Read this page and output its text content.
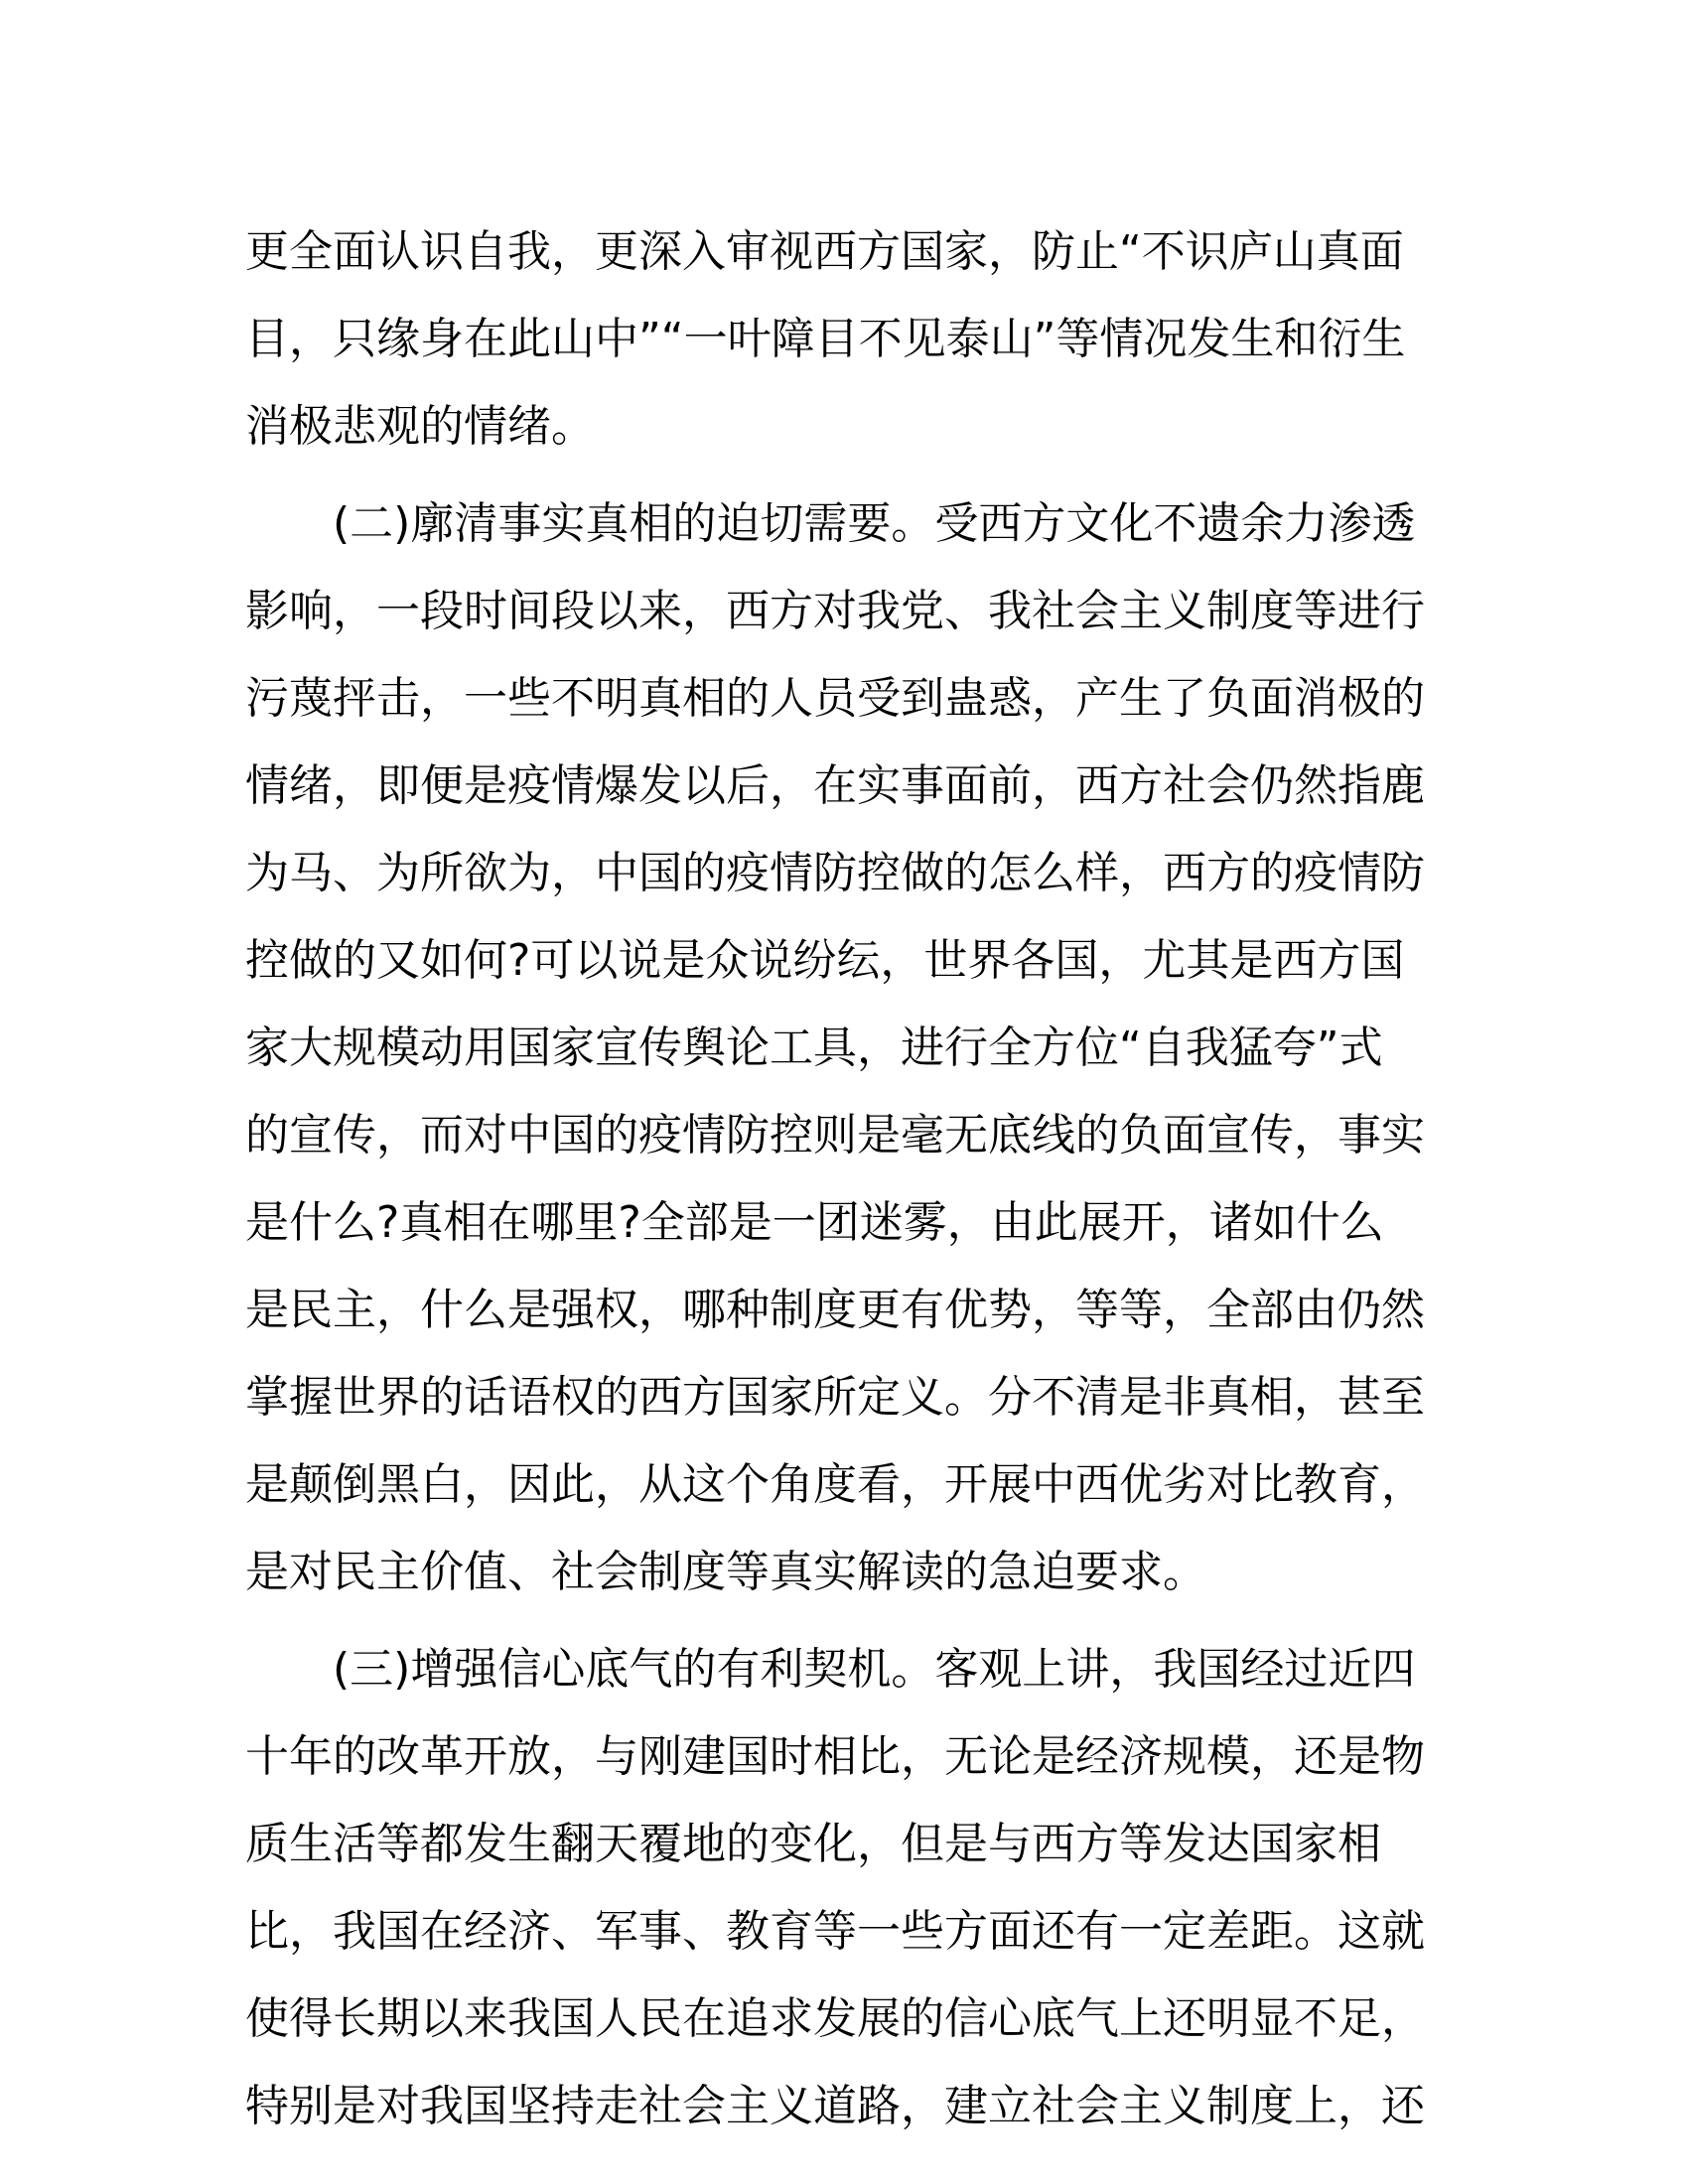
更全面认识自我，更深入审视西方国家，防止“不识庐山真面
目，只缘身在此山中”“一叶障目不见泰山”等情况发生和衍生
消极悲观的情绪。
(二)廓清事实真相的迫切需要。受西方文化不遗余力渗透
影响，一段时间段以来，西方对我党、我社会主义制度等进行
污蔑抨击，一些不明真相的人员受到蛊惑，产生了负面消极的
情绪，即便是疫情爆发以后，在实事面前，西方社会仍然指鹿
为马、为所欲为，中国的疫情防控做的怎么样，西方的疫情防
控做的又如何?可以说是众说纷纭，世界各国，尤其是西方国
家大规模动用国家宣传舆论工具，进行全方位“自我猛夸”式
的宣传，而对中国的疫情防控则是毫无底线的负面宣传，事实
是什么?真相在哪里?全部是一团迷雾，由此展开，诸如什么
是民主，什么是强权，哪种制度更有优势，等等，全部由仍然
掌握世界的话语权的西方国家所定义。分不清是非真相，甚至
是颠倒黑白，因此，从这个角度看，开展中西优劣对比教育，
是对民主价值、社会制度等真实解读的急迫要求。
(三)增强信心底气的有利契机。客观上讲，我国经过近四
十年的改革开放，与刚建国时相比，无论是经济规模，还是物
质生活等都发生翻天覆地的变化，但是与西方等发达国家相
比，我国在经济、军事、教育等一些方面还有一定差距。这就
使得长期以来我国人民在追求发展的信心底气上还明显不足，
特别是对我国坚持走社会主义道路，建立社会主义制度上，还
